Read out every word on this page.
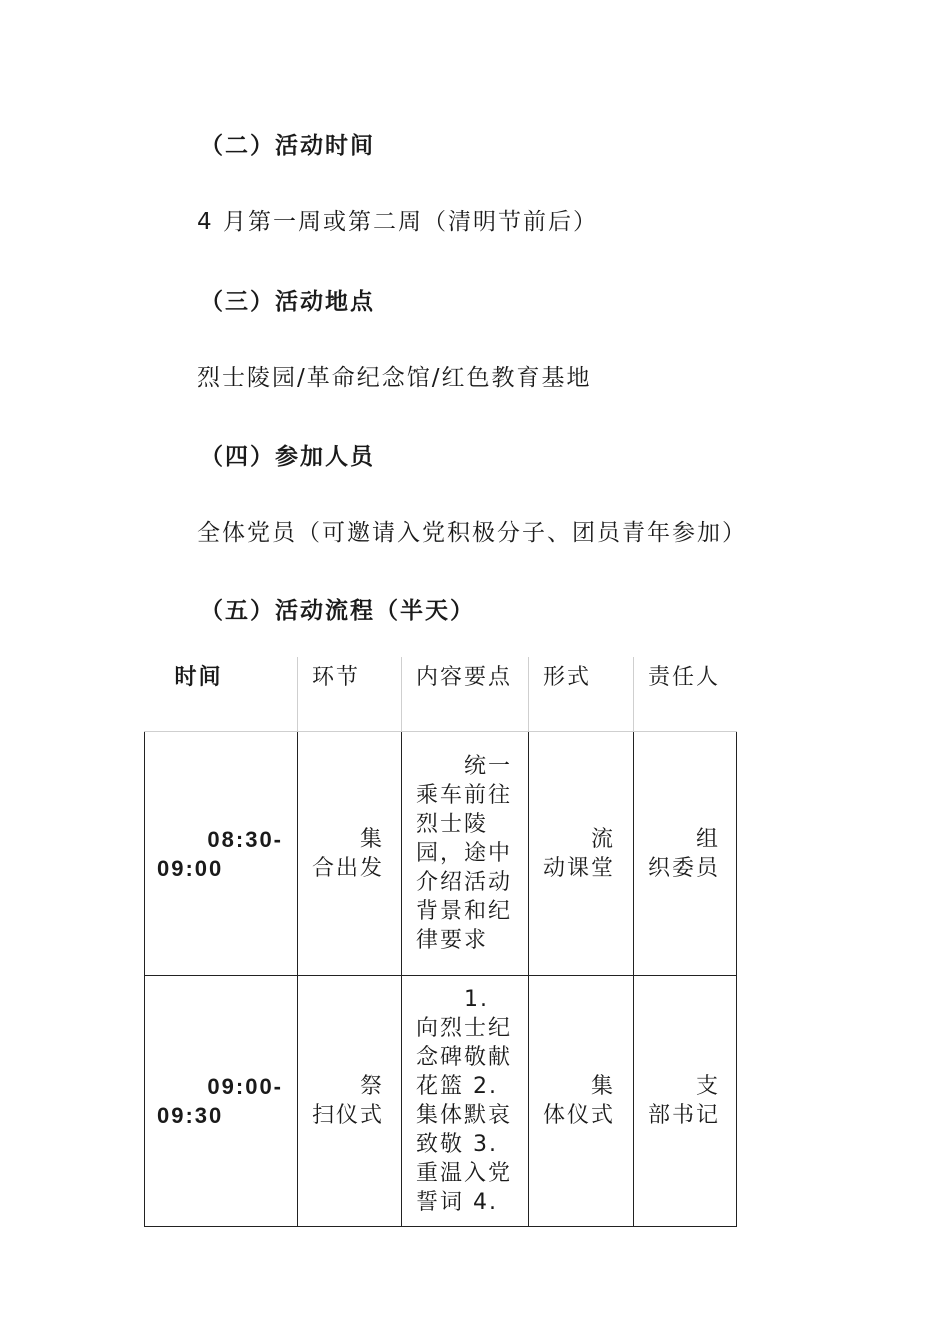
（二）活动时间
4 月第一周或第二周（清明节前后）
（三）活动地点
烈士陵园/革命纪念馆/红色教育基地
（四）参加人员
全体党员（可邀请入党积极分子、团员青年参加）
（五）活动流程（半天）
时间	环节	内容要点	形式	责任人

08:30-
09:00	集合出发	统一乘车前往烈士陵园，途中介绍活动背景和纪律要求	流动课堂	组织委员

09:00-
09:30	祭扫仪式	1. 向烈士纪念碑敬献花篮 2. 集体默哀致敬 3. 重温入党誓词 4.	集体仪式	支部书记
